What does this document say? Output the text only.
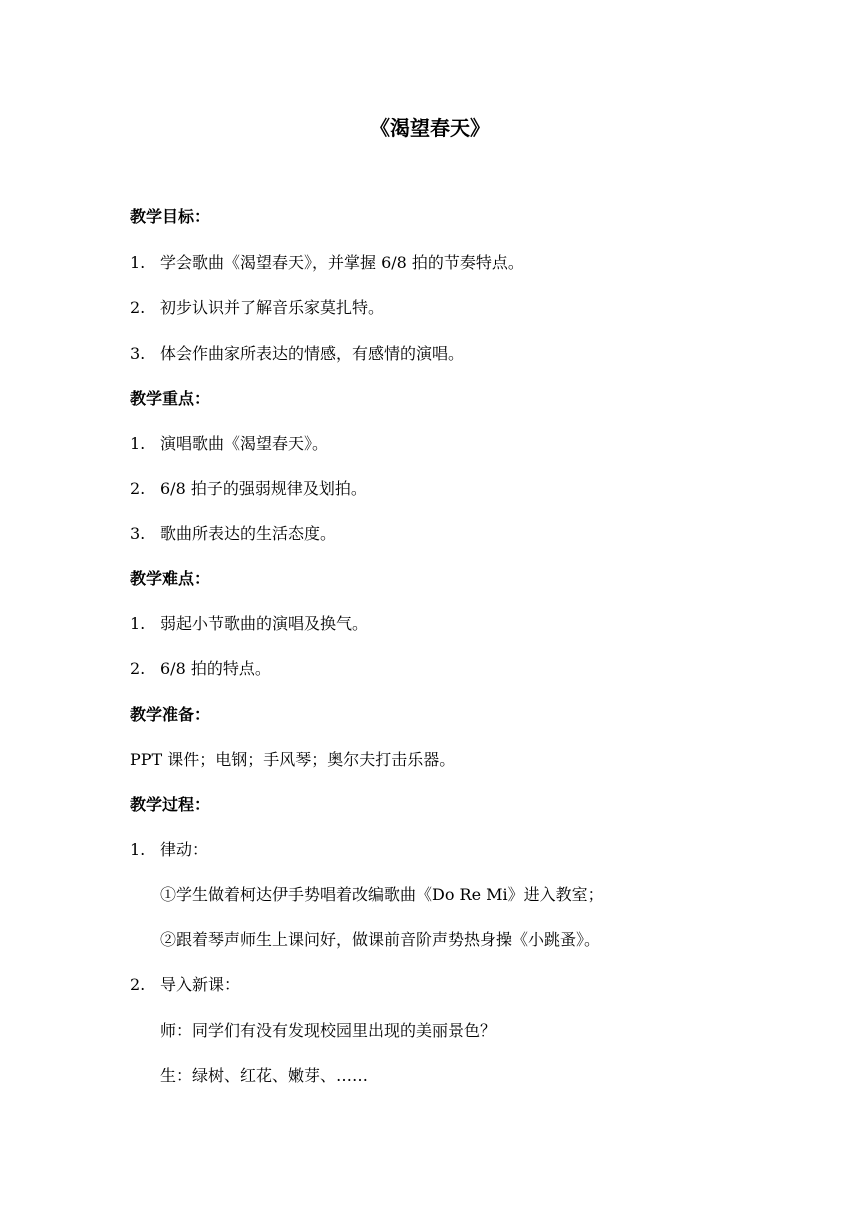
《渴望春天》

教学目标：

1. 学会歌曲《渴望春天》，并掌握 6/8 拍的节奏特点。

2. 初步认识并了解音乐家莫扎特。

3. 体会作曲家所表达的情感，有感情的演唱。

教学重点：

1. 演唱歌曲《渴望春天》。

2. 6/8 拍子的强弱规律及划拍。

3. 歌曲所表达的生活态度。

教学难点：

1. 弱起小节歌曲的演唱及换气。

2. 6/8 拍的特点。

教学准备：

PPT 课件；电钢；手风琴；奥尔夫打击乐器。

教学过程：

1. 律动：

①学生做着柯达伊手势唱着改编歌曲《Do Re Mi》进入教室；

②跟着琴声师生上课问好，做课前音阶声势热身操《小跳蚤》。

2. 导入新课：

师：同学们有没有发现校园里出现的美丽景色？

生：绿树、红花、嫩芽、……
